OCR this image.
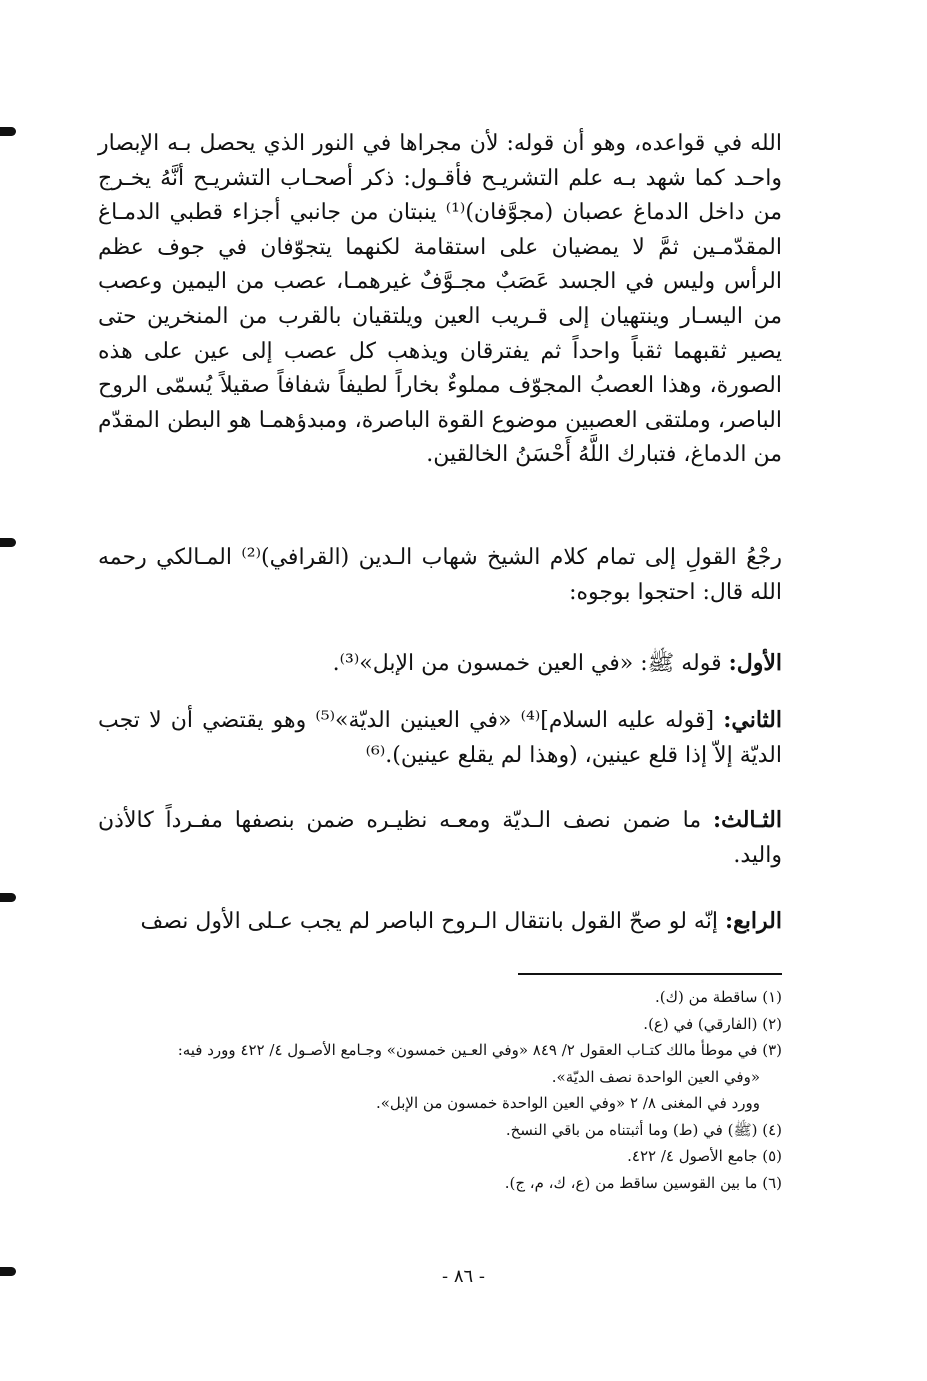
الله في قواعده، وهو أن قوله: لأن مجراها في النور الذي يحصل بـه الإبصار واحـد كما شهد بـه علم التشريـح فأقـول: ذكر أصحـاب التشريـح أنَّهُ يخـرج من داخل الدماغ عصبان (مجوَّفان)⁽¹⁾ ينبتان من جانبي أجزاء قطبي الدمـاغ المقدّمـين ثمَّ لا يمضيان على استقامة لكنهما يتجوّفان في جوف عظم الرأس وليس في الجسد عَصَبٌ مجـوَّفٌ غيرهمـا، عصب من اليمين وعصب من اليسـار وينتهيان إلى قـريب العين ويلتقيان بالقرب من المنخرين حتى يصير ثقبهما ثقباً واحداً ثم يفترقان ويذهب كل عصب إلى عين على هذه الصورة، وهذا العصبُ المجوّف مملوءٌ بخاراً لطيفاً شفافاً صقيلاً يُسمّى الروح الباصر، وملتقى العصبين موضوع القوة الباصرة، ومبدؤهمـا هو البطن المقدّم من الدماغ، فتبارك اللَّهُ أَحْسَنُ الخالقين.

رجْعُ القولِ إلى تمام كلام الشيخ شهاب الـدين (القرافي)⁽²⁾ المـالكي رحمه الله قال: احتجوا بوجوه:

الأول: قوله ﷺ: «في العين خمسون من الإبل»⁽³⁾.

الثاني: [قوله عليه السلام]⁽⁴⁾ «في العينين الديّة»⁽⁵⁾ وهو يقتضي أن لا تجب الديّة إلاّ إذا قلع عينين، (وهذا لم يقلع عينين).⁽⁶⁾

الثـالث: ما ضمن نصف الـديّة ومعـه نظيـره ضمن بنصفها مفـرداً كالأذن واليد.

الرابع: إنّه لو صحّ القول بانتقال الـروح الباصر لم يجب عـلى الأول نصف

(١) ساقطة من (ك).
(٢) (الفارقي) في (ع).
(٣) في موطأ مالك كتـاب العقول ٢/ ٨٤٩ «وفي العـين خمسون» وجـامع الأصـول ٤/ ٤٢٢ وورد فيه:
«وفي العين الواحدة نصف الديّة».
وورد في المغنى ٨/ ٢ «وفي العين الواحدة خمسون من الإبل».
(٤) (ﷺ) في (ط) وما أثبتناه من باقي النسخ.
(٥) جامع الأصول ٤/ ٤٢٢.
(٦) ما بين القوسين ساقط من (ع، ك، م، ج).
- ٨٦ -
